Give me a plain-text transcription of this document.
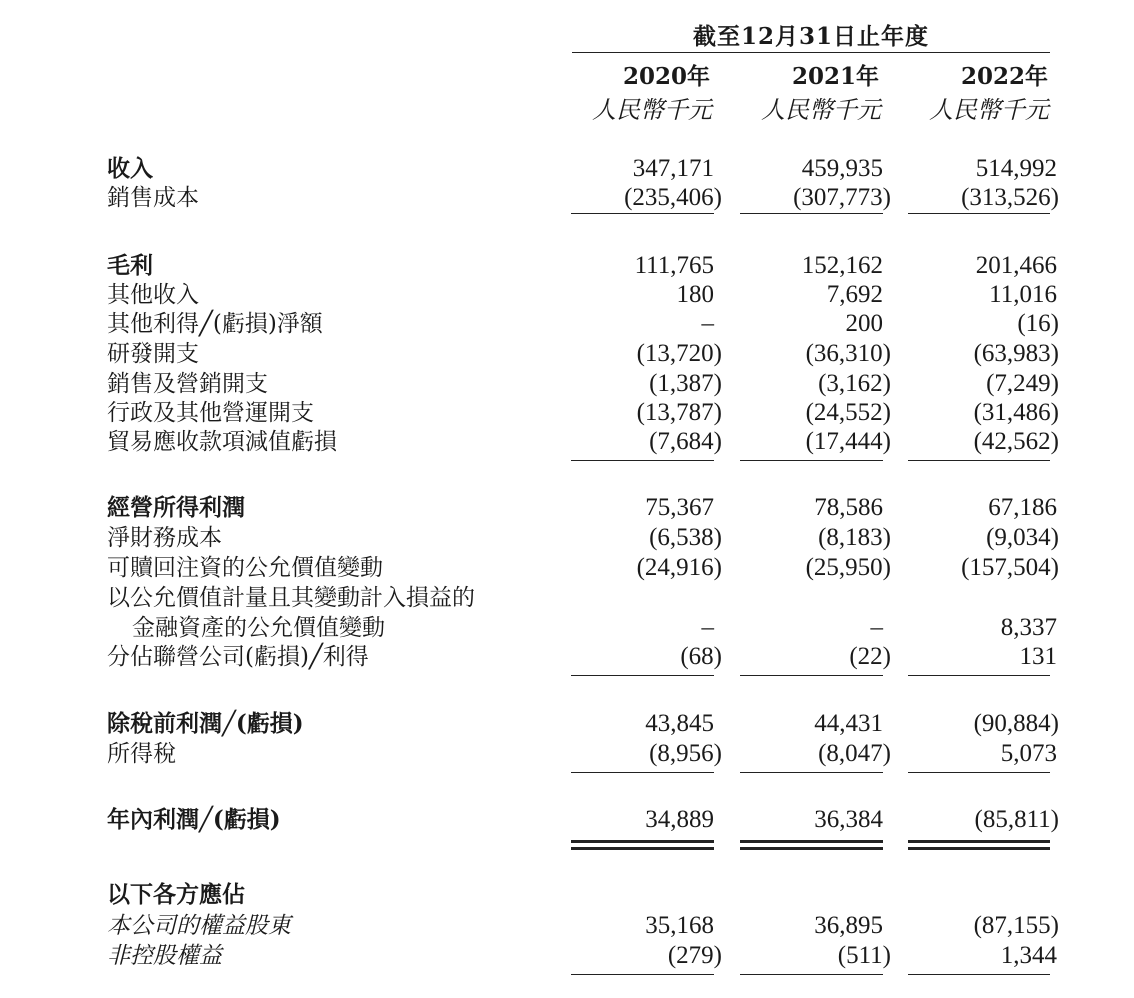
截至12月31日止年度
2020年	2021年	2022年
人民幣千元	人民幣千元	人民幣千元
收入	347,171	459,935	514,992
銷售成本	(235,406)	(307,773)	(313,526)
毛利	111,765	152,162	201,466
其他收入	180	7,692	11,016
其他利得╱(虧損)淨額	–	200	(16)
研發開支	(13,720)	(36,310)	(63,983)
銷售及營銷開支	(1,387)	(3,162)	(7,249)
行政及其他營運開支	(13,787)	(24,552)	(31,486)
貿易應收款項減值虧損	(7,684)	(17,444)	(42,562)
經營所得利潤	75,367	78,586	67,186
淨財務成本	(6,538)	(8,183)	(9,034)
可贖回注資的公允價值變動	(24,916)	(25,950)	(157,504)
以公允價值計量且其變動計入損益的
金融資產的公允價值變動	–	–	8,337
分佔聯營公司(虧損)╱利得	(68)	(22)	131
除稅前利潤╱(虧損)	43,845	44,431	(90,884)
所得稅	(8,956)	(8,047)	5,073
年內利潤╱(虧損)	34,889	36,384	(85,811)
以下各方應佔
本公司的權益股東	35,168	36,895	(87,155)
非控股權益	(279)	(511)	1,344
